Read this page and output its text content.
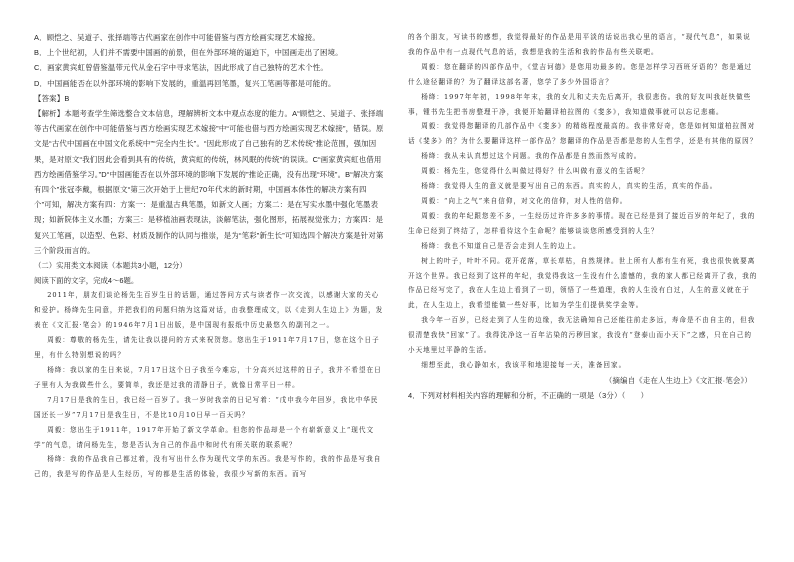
A．顾恺之、吴道子、张择端等古代画家在创作中可能借鉴与西方绘画实现艺术嫁接。

B．上个世纪初，人们并不需要中国画的前景，但在外部环境的逼迫下，中国画走出了困境。

C．画家黄宾虹曾借鉴温带元代从金石字中寻求笔法，因此形成了自己独特的艺术个性。

D．中国画能否在以外部环境的影响下发展的，重温再回笔墨，复兴工笔画等都是可能的。

【答案】B

【解析】本题考查学生筛选整合文本信息，理解辨析文本中观点态度的能力。A“顾恺之、吴道子、张择端等古代画家在创作中可能借鉴与西方绘画实现艺术嫁接”中“可能也借与西方绘画实现艺术嫁接”，错误。原文是“古代中国画在中国文化系统中”“完全内生长”。“因此形成了自己独有的艺术传统”推论范围，强加因果，是对原文“我们因此会看到具有的传统，黄宾虹的传统，林风眠的传统”的误读。C“画家黄宾虹也借用西方绘画借鉴学习。”D“中国画能否在以外部环境的影响下发展的”推论正确，没有出现“环境”。B“解决方案有四个”张冠李戴，根据原文“第三次开始于上世纪70年代末的新时期，中国画本体性的解决方案有四个”可知，解决方案有四：方案一：是重温古典笔墨，如新文人画；方案二：是在写实水墨中强化笔墨表现；如新院体主义水墨；方案三：是移植油画表现法，淡解笔法，强化图形，拓展视觉张力；方案四：是复兴工笔画，以造型、色彩、材质及制作的认同与推崇，是为“笔彩”新生长”可知选四个解决方案是针对第三个阶段而言的。

（二）实用类文本阅读（本题共3小题，12分）

阅读下面的文字，完成4～6题。

2011年，朋友们谈论杨先生百岁生日的话题，通过答问方式与读者作一次交流，以感谢大家的关心和爱护。杨绛先生同意，并把我们的问题归纳为这篇对话，由我整理成文，以《走到人生边上》为题，发表在《文汇报·笔会》的1946年7月1日出版，是中国现有报纸中历史最悠久的副刊之一。

周毅：尊敬的杨先生，请先让我以提问的方式来祝贺您。您出生于1911年7月17日，您在这个日子里，有什么特别想说的吗？

杨绛：我以家的生日来说，7月17日这个日子我至今难忘，十分高兴过这样的日子，我并不希望在日子里有人为我做些什么，要简单，我还是过我的清静日子，就像日常平日一样。

7月17日是我的生日，我已经一百岁了。我一岁时我亲的日记写着：“戊申我今年回岁，我比中华民国还长一岁”7月17日是我生日，不是比10月10日早一百天吗？

周毅：您出生于1911年，1917年开始了新文学革命。但您的作品却是一个有崭新意义上“现代文学”的气息，请问杨先生，您是否认为自己的作品中和时代有所关联的联系呢？

杨绛：我的作品我自己都过着，没有写出什么作为现代文学的东西。我是写作的，我的作品是写我自己的，我是写的作品是人生经历，写的都是生活的体验，我很少写新的东西。而写

的各个朋友，写读书的感想，我觉得最好的作品是用平淡的话说出我心里的语言，“现代气息”，如果说我的作品中有一点现代气息的话，我想是我的生活和我的作品有些关联吧。

周毅：您在翻译的四部作品中，《堂吉诃德》是您用功最多的。您是怎样学习西班牙语的？您是通过什么途径翻译的？为了翻译这部名著，您学了多少外国语言？

杨绛：1997年年初，1998年年末，我的女儿和丈夫先后离开，我很悲伤。我的好友叫我赶快做些事，锺书先生把书房整理干净，我便开始翻译柏拉图的《斐多》，我知道做事就可以忘记悲痛。

周毅：我觉得您翻译的几部作品中《斐多》的精练程度最高的。我非常好奇，您是如何知道柏拉图对话《斐多》的？为什么要翻译这样一部作品？您翻译的作品是否都是您的人生哲学，还是有其他的原因？

杨绛：我从未认真想过这个问题。我的作品都是自然而然写成的。

周毅：杨先生，您觉得什么叫做过得好？什么叫做有意义的生活呢？

杨绛：我觉得人生的意义就是要写出自己的东西。真实的人，真实的生活，真实的作品。

周毅：“向上之气”来自信仰，对文化的信仰，对人性的信仰。

周毅：我的年纪跟您差不多，一生经历过许许多多的事情。现在已经是到了接近百岁的年纪了，我的生命已经到了终结了，怎样看待这个生命呢？能够谈谈您所感受到的人生？

杨绛：我也不知道自己是否会走到人生的边上。

树上的叶子，叶叶不同。花开花落，草长草枯，自然规律。世上所有人都有生有死，我也很快就要离开这个世界。我已经到了这样的年纪，我觉得我这一生没有什么遗憾的，我的家人都已经离开了我，我的作品已经写完了，我在人生边上看到了一切，领悟了一些道理，我的人生没有白过，人生的意义就在于此，在人生边上，我希望能做一些好事，比如为学生们提供奖学金等。

我今年一百岁，已经走到了人生的边缘，我无法确知自己还能往前走多远，寿命是不由自主的，但我很清楚我快“回家”了。我得洗净这一百年沾染的污秽回家，我没有“登泰山而小天下”之感，只在自己的小天地里过平静的生活。

细想至此，我心静如水，我该平和地迎接每一天，准备回家。

（摘编自《走在人生边上》《文汇报·笔会》）

4．下列对材料相关内容的理解和分析，不正确的一项是（3分）（　　）
